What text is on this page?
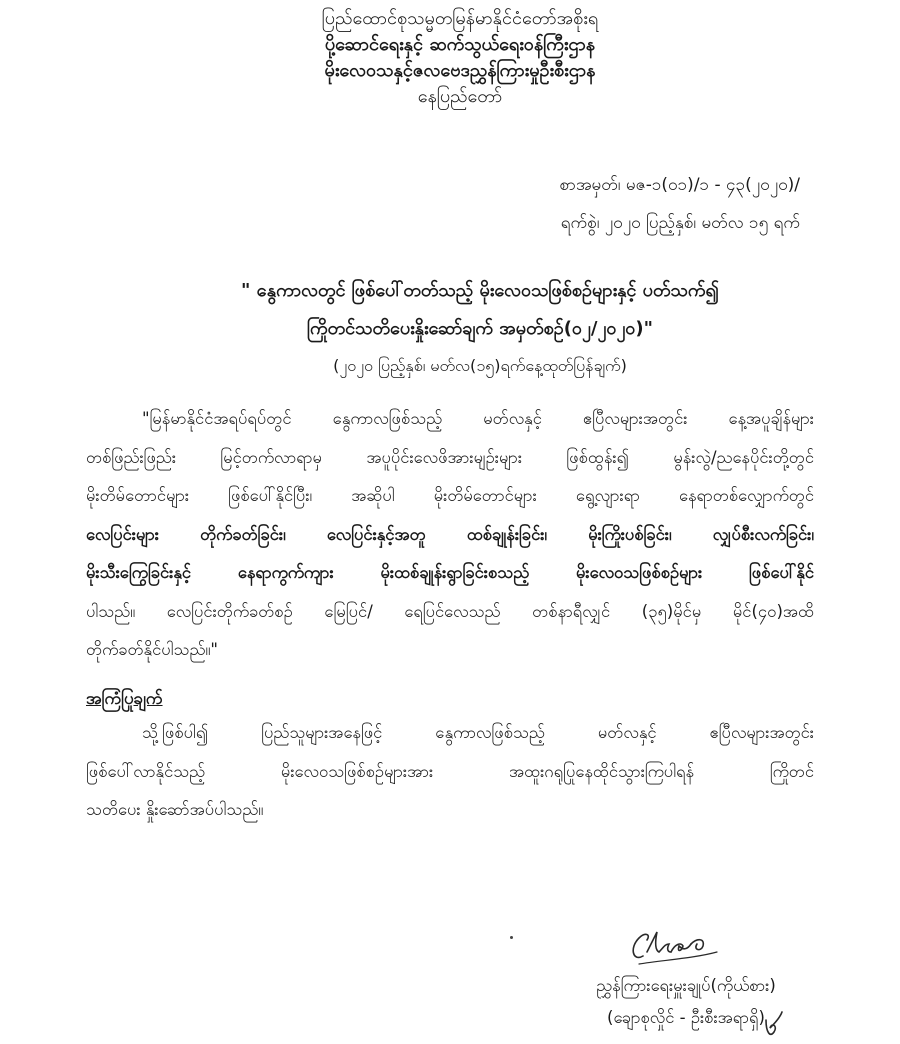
ပြည်ထောင်စုသမ္မတမြန်မာနိုင်ငံတော်အစိုးရ
ပို့ဆောင်ရေးနှင့် ဆက်သွယ်ရေးဝန်ကြီးဌာန
မိုးလေဝသနှင့်ဇလဗေဒညွှန်ကြားမှုဦးစီးဌာန
နေပြည်တော်
စာအမှတ်၊ မဇ-၁(၀၁)/၁ - ၄၃(၂၀၂၀)/
ရက်စွဲ၊ ၂၀၂၀ ပြည့်နှစ်၊ မတ်လ ၁၅ ရက်
" နွေကာလတွင် ဖြစ်ပေါ်တတ်သည့် မိုးလေဝသဖြစ်စဉ်များနှင့် ပတ်သက်၍
ကြိုတင်သတိပေးနှိုးဆော်ချက် အမှတ်စဉ်(၀၂/၂၀၂၀)"
(၂၀၂၀ ပြည့်နှစ်၊ မတ်လ(၁၅)ရက်နေ့ထုတ်ပြန်ချက်)

"မြန်မာနိုင်ငံအရပ်ရပ်တွင် နွေကာလဖြစ်သည့် မတ်လနှင့် ဧပြီလများအတွင်း နေ့အပူချိန်များ
တစ်ဖြည်းဖြည်း မြင့်တက်လာရာမှ အပူပိုင်းလေဖိအားမျဉ်းများ ဖြစ်ထွန်း၍ မွန်းလွဲ/ညနေပိုင်းတို့တွင်
မိုးတိမ်တောင်များ ဖြစ်ပေါ်နိုင်ပြီး၊ အဆိုပါ မိုးတိမ်တောင်များ ရွေ့လျားရာ နေရာတစ်လျှောက်တွင်
လေပြင်းများ တိုက်ခတ်ခြင်း၊ လေပြင်းနှင့်အတူ ထစ်ချုန်းခြင်း၊ မိုးကြိုးပစ်ခြင်း၊ လျှပ်စီးလက်ခြင်း၊
မိုးသီးကြွေခြင်းနှင့် နေရာကွက်ကျား မိုးထစ်ချုန်းရွာခြင်းစသည့် မိုးလေဝသဖြစ်စဉ်များ ဖြစ်ပေါ်နိုင်
ပါသည်။ လေပြင်းတိုက်ခတ်စဉ် မြေပြင်/ ရေပြင်လေသည် ‌တစ်နာရီလျှင် (၃၅)မိုင်မှ မိုင်(၄၀)အထိ
တိုက်ခတ်နိုင်ပါသည်။"

အကြံပြုချက်

သို့ဖြစ်ပါ၍ ပြည်သူများအနေဖြင့် နွေကာလဖြစ်သည့် မတ်လနှင့် ဧပြီလများအတွင်း
ဖြစ်ပေါ်လာနိုင်သည့် မိုးလေဝသဖြစ်စဉ်များအား အထူးဂရုပြုနေထိုင်သွားကြပါရန် ကြိုတင်
သတိပေး နှိုးဆော်အပ်ပါသည်။

ညွှန်ကြားရေးမှူးချုပ်(ကိုယ်စား)
(ချောစုလှိုင် - ဦးစီးအရာရှိ)
